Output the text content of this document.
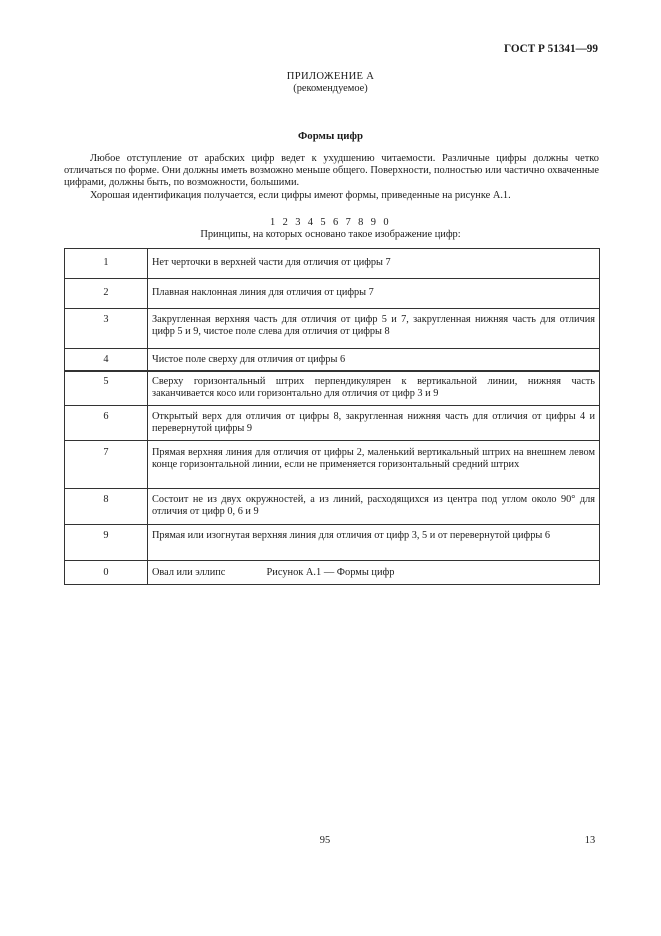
ГОСТ Р 51341—99
ПРИЛОЖЕНИЕ А
(рекомендуемое)
Формы цифр

Любое отступление от арабских цифр ведет к ухудшению читаемости. Различные цифры должны четко отличаться по форме. Они должны иметь возможно меньше общего. Поверхности, полностью или частично охваченные цифрами, должны быть, по возможности, большими.

Хорошая идентификация получается, если цифры имеют формы, приведенные на рисунке А.1.

1 2 3 4 5 6 7 8 9 0
Принципы, на которых основано такое изображение цифр:
1	Нет черточки в верхней части для отличия от цифры 7
2	Плавная наклонная линия для отличия от цифры 7
3	Закругленная верхняя часть для отличия от цифр 5 и 7, закругленная нижняя часть для отличия цифр 5 и 9, чистое поле слева для отличия от цифры 8
4	Чистое поле сверху для отличия от цифры 6
5	Сверху горизонтальный штрих перпендикулярен к вертикальной линии, нижняя часть заканчивается косо или горизонтально для отличия от цифр 3 и 9
6	Открытый верх для отличия от цифры 8, закругленная нижняя часть для отличия от цифры 4 и перевернутой цифры 9
7	Прямая верхняя линия для отличия от цифры 2, маленький вертикальный штрих на внешнем левом конце горизонтальной линии, если не применяется горизонтальный средний штрих
8	Состоит не из двух окружностей, а из линий, расходящихся из центра под углом около 90° для отличия от цифр 0, 6 и 9
9	Прямая или изогнутая верхняя линия для отличия от цифр 3, 5 и от перевернутой цифры 6
0	Овал или эллипс	Рисунок А.1 — Формы цифр
95	13
